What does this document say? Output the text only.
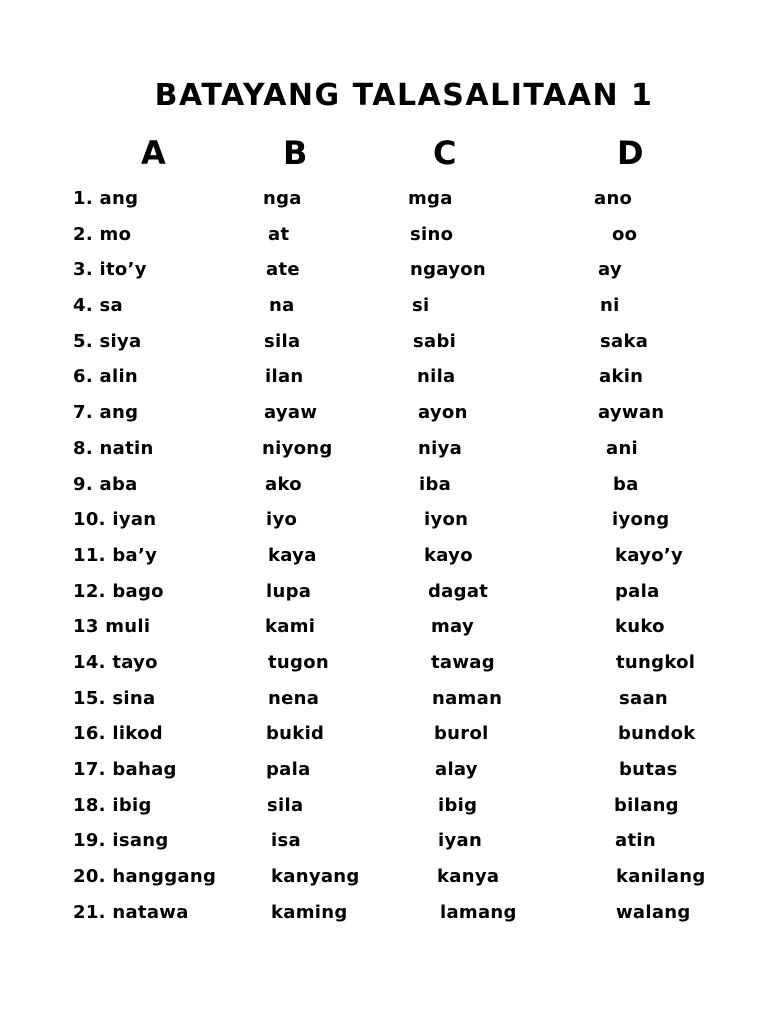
BATAYANG TALASALITAAN 1
A	B	C	D
1. ang	nga	mga	ano
2. mo	at	sino	oo
3. ito’y	ate	ngayon	ay
4. sa	na	si	ni
5. siya	sila	sabi	saka
6. alin	ilan	nila	akin
7. ang	ayaw	ayon	aywan
8. natin	niyong	niya	ani
9. aba	ako	iba	ba
10. iyan	iyo	iyon	iyong
11. ba’y	kaya	kayo	kayo’y
12. bago	lupa	dagat	pala
13 muli	kami	may	kuko
14. tayo	tugon	tawag	tungkol
15. sina	nena	naman	saan
16. likod	bukid	burol	bundok
17. bahag	pala	alay	butas
18. ibig	sila	ibig	bilang
19. isang	isa	iyan	atin
20. hanggang	kanyang	kanya	kanilang
21. natawa	kaming	lamang	walang
